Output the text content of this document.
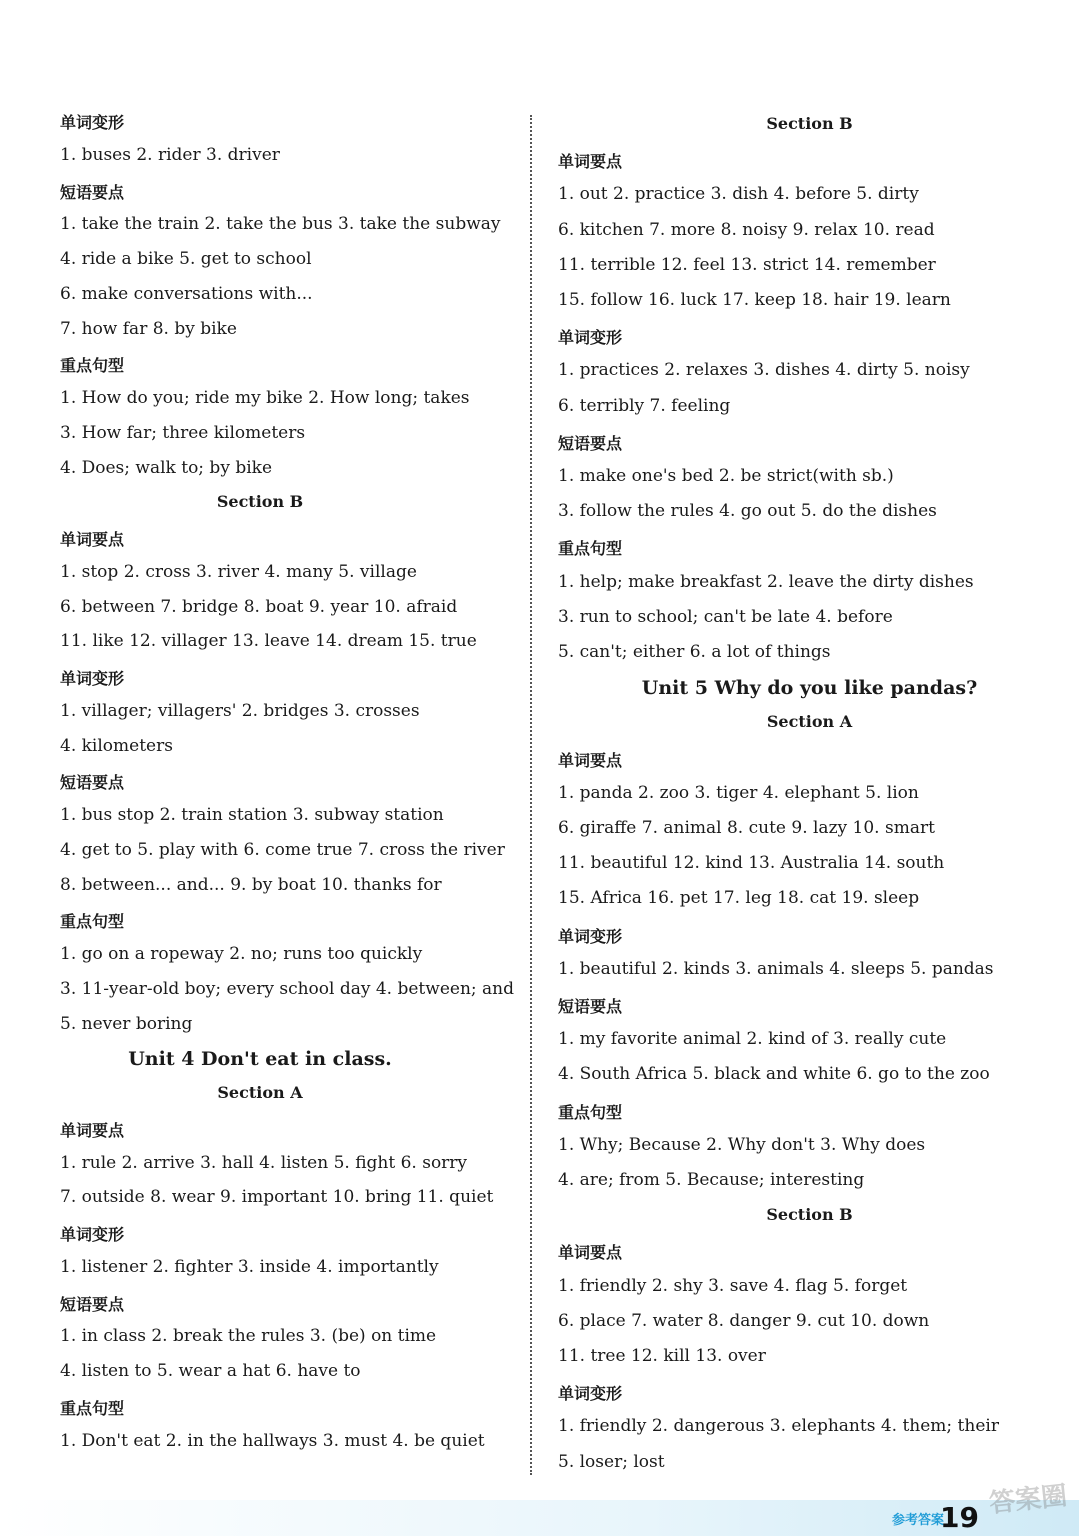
单词变形
1. buses 2. rider 3. driver
短语要点
1. take the train 2. take the bus 3. take the subway
4. ride a bike 5. get to school
6. make conversations with...
7. how far 8. by bike
重点句型
1. How do you; ride my bike 2. How long; takes
3. How far; three kilometers
4. Does; walk to; by bike
Section B
单词要点
1. stop 2. cross 3. river 4. many 5. village
6. between 7. bridge 8. boat 9. year 10. afraid
11. like 12. villager 13. leave 14. dream 15. true
单词变形
1. villager; villagers' 2. bridges 3. crosses
4. kilometers
短语要点
1. bus stop 2. train station 3. subway station
4. get to 5. play with 6. come true 7. cross the river
8. between... and... 9. by boat 10. thanks for
重点句型
1. go on a ropeway 2. no; runs too quickly
3. 11-year-old boy; every school day 4. between; and
5. never boring
Unit 4 Don't eat in class.
Section A
单词要点
1. rule 2. arrive 3. hall 4. listen 5. fight 6. sorry
7. outside 8. wear 9. important 10. bring 11. quiet
单词变形
1. listener 2. fighter 3. inside 4. importantly
短语要点
1. in class 2. break the rules 3. (be) on time
4. listen to 5. wear a hat 6. have to
重点句型
1. Don't eat 2. in the hallways 3. must 4. be quiet
Section B
单词要点
1. out 2. practice 3. dish 4. before 5. dirty
6. kitchen 7. more 8. noisy 9. relax 10. read
11. terrible 12. feel 13. strict 14. remember
15. follow 16. luck 17. keep 18. hair 19. learn
单词变形
1. practices 2. relaxes 3. dishes 4. dirty 5. noisy
6. terribly 7. feeling
短语要点
1. make one's bed 2. be strict(with sb.)
3. follow the rules 4. go out 5. do the dishes
重点句型
1. help; make breakfast 2. leave the dirty dishes
3. run to school; can't be late 4. before
5. can't; either 6. a lot of things
Unit 5 Why do you like pandas?
Section A
单词要点
1. panda 2. zoo 3. tiger 4. elephant 5. lion
6. giraffe 7. animal 8. cute 9. lazy 10. smart
11. beautiful 12. kind 13. Australia 14. south
15. Africa 16. pet 17. leg 18. cat 19. sleep
单词变形
1. beautiful 2. kinds 3. animals 4. sleeps 5. pandas
短语要点
1. my favorite animal 2. kind of 3. really cute
4. South Africa 5. black and white 6. go to the zoo
重点句型
1. Why; Because 2. Why don't 3. Why does
4. are; from 5. Because; interesting
Section B
单词要点
1. friendly 2. shy 3. save 4. flag 5. forget
6. place 7. water 8. danger 9. cut 10. down
11. tree 12. kill 13. over
单词变形
1. friendly 2. dangerous 3. elephants 4. them; their
5. loser; lost
参考答案
19 答案圈
